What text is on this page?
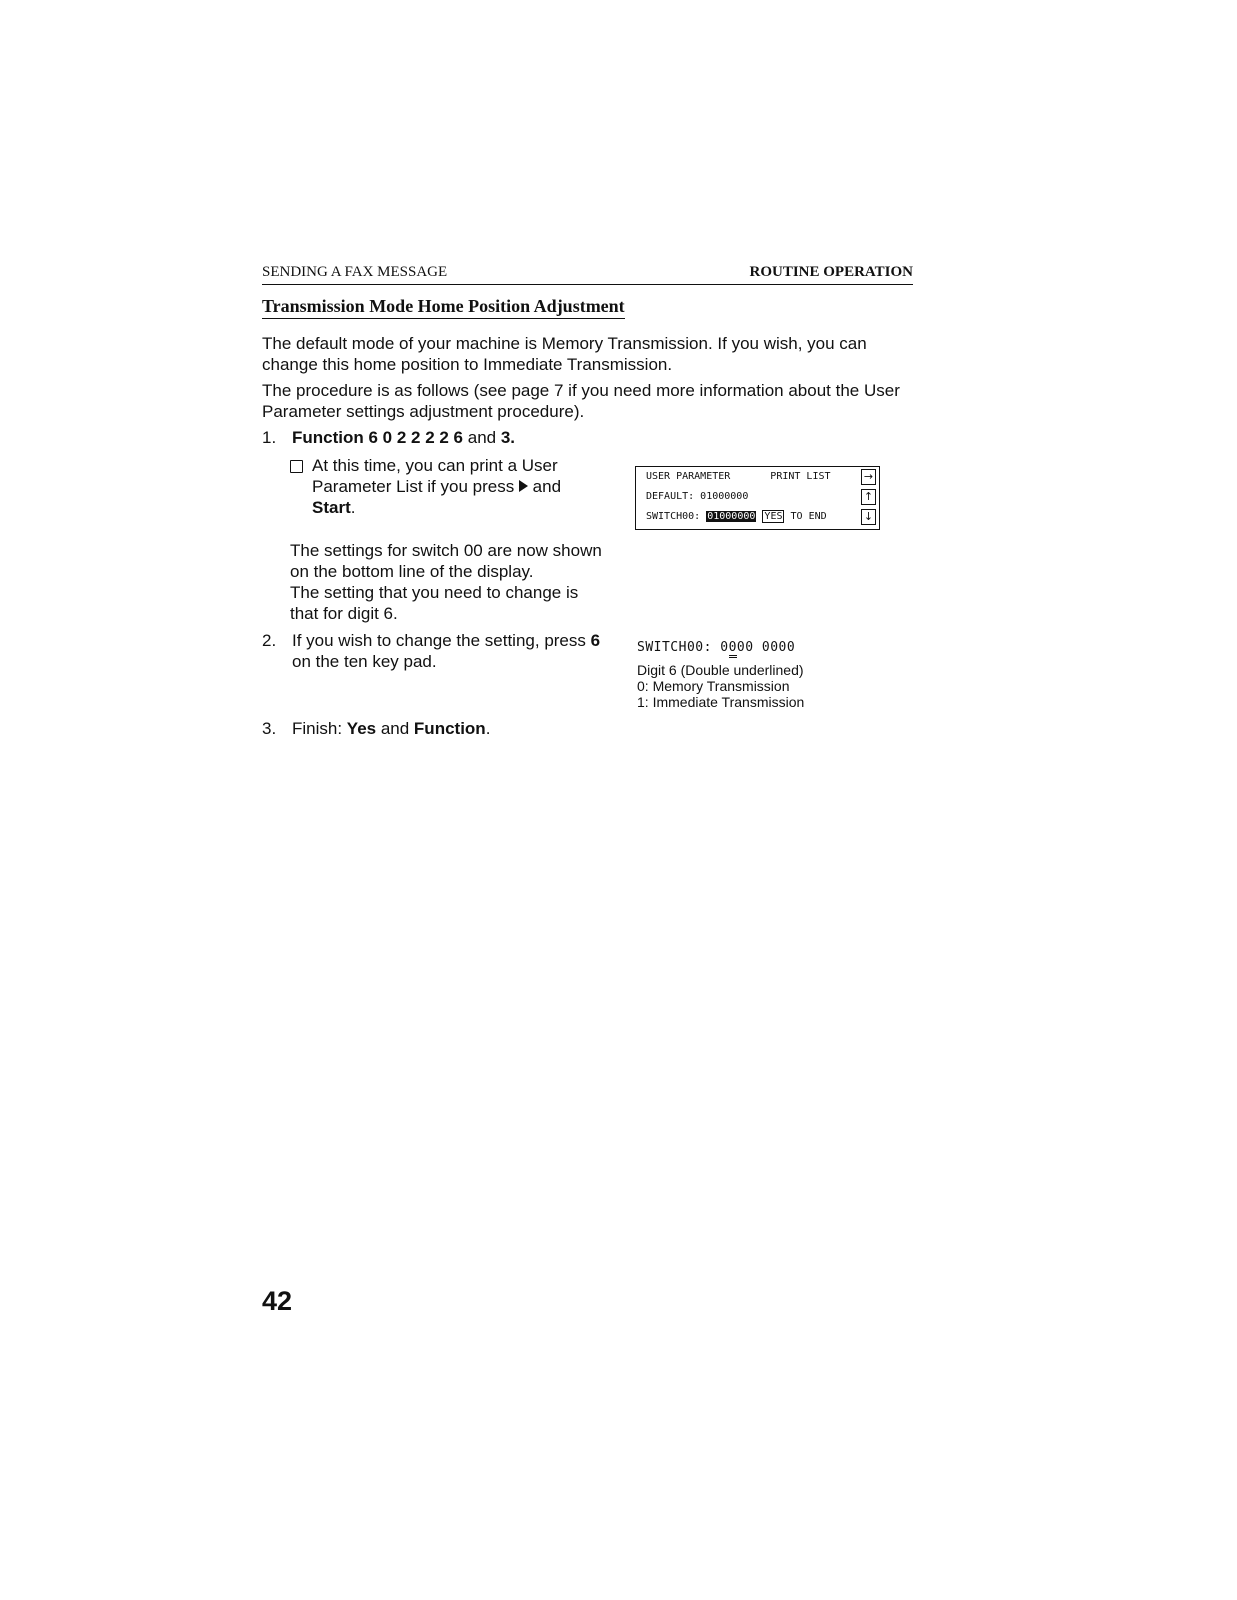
SENDING A FAX MESSAGE	ROUTINE OPERATION
Transmission Mode Home Position Adjustment
The default mode of your machine is Memory Transmission. If you wish, you can change this home position to Immediate Transmission.
The procedure is as follows (see page 7 if you need more information about the User Parameter settings adjustment procedure).
1. Function 6 0 2 2 2 2 6 and 3.
At this time, you can print a User
Parameter List if you press  and
Start.
USER PARAMETER	PRINT LIST	→
DEFAULT: 01000000	↑
SWITCH00: 01000000 YES TO END	↓
The settings for switch 00 are now shown
on the bottom line of the display.
The setting that you need to change is
that for digit 6.
2. If you wish to change the setting, press 6
on the ten key pad.
SWITCH00: 0000 0000
Digit 6 (Double underlined)
0: Memory Transmission
1: Immediate Transmission
3. Finish: Yes and Function.
42
